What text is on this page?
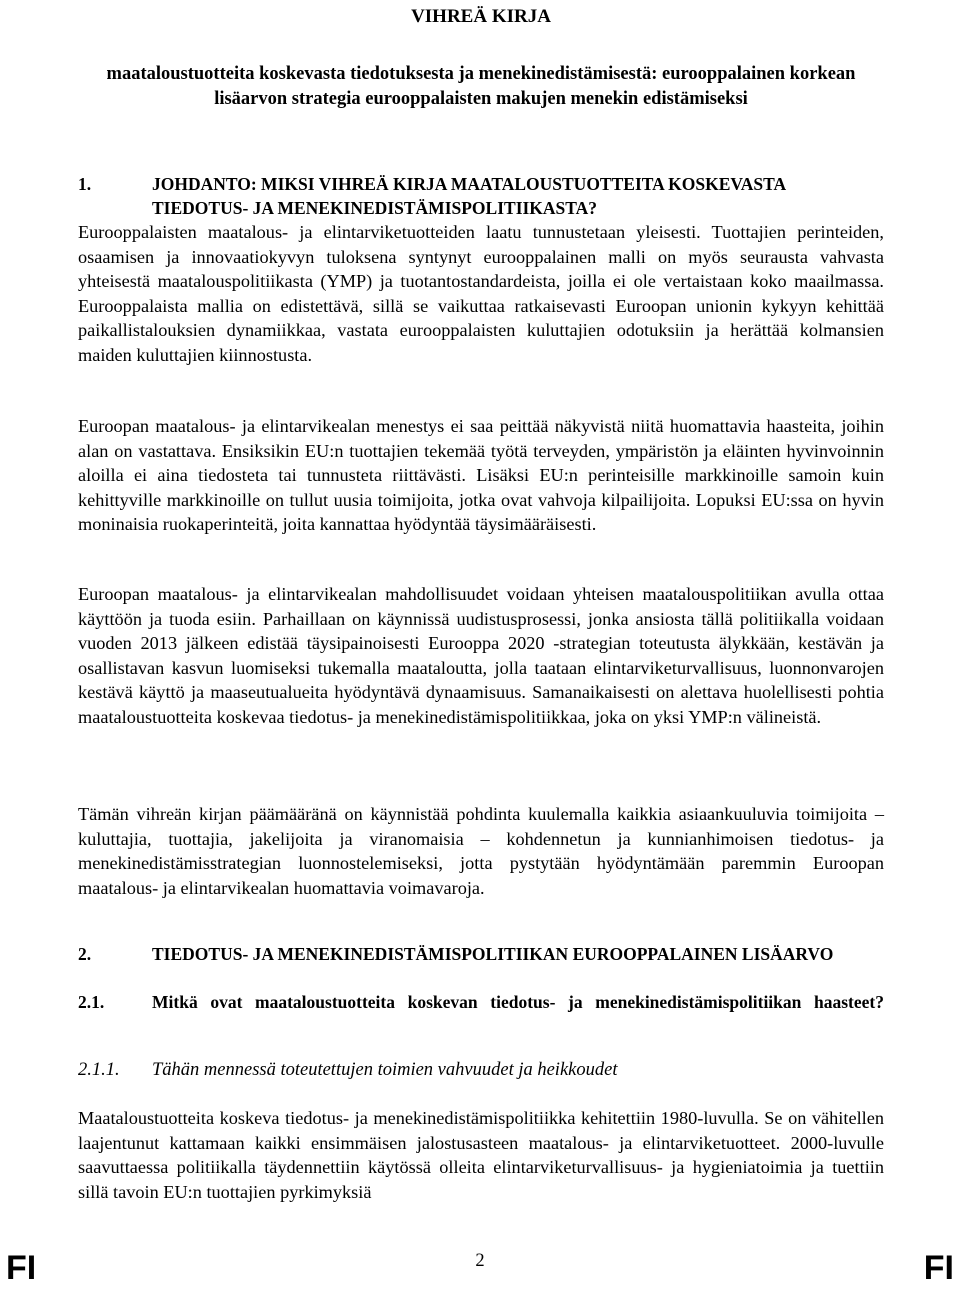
VIHREÄ KIRJA
maataloustuotteita koskevasta tiedotuksesta ja menekinedistämisestä: eurooppalainen korkean lisäarvon strategia eurooppalaisten makujen menekin edistämiseksi
1.	JOHDANTO: MIKSI VIHREÄ KIRJA MAATALOUSTUOTTEITA KOSKEVASTA TIEDOTUS- JA MENEKINEDISTÄMISPOLITIIKASTA?

Eurooppalaisten maatalous- ja elintarviketuotteiden laatu tunnustetaan yleisesti. Tuottajien perinteiden, osaamisen ja innovaatiokyvyn tuloksena syntynyt eurooppalainen malli on myös seurausta vahvasta yhteisestä maatalouspolitiikasta (YMP) ja tuotantostandardeista, joilla ei ole vertaistaan koko maailmassa. Eurooppalaista mallia on edistettävä, sillä se vaikuttaa ratkaisevasti Euroopan unionin kykyyn kehittää paikallistalouksien dynamiikkaa, vastata eurooppalaisten kuluttajien odotuksiin ja herättää kolmansien maiden kuluttajien kiinnostusta.

Euroopan maatalous- ja elintarvikealan menestys ei saa peittää näkyvistä niitä huomattavia haasteita, joihin alan on vastattava. Ensiksikin EU:n tuottajien tekemää työtä terveyden, ympäristön ja eläinten hyvinvoinnin aloilla ei aina tiedosteta tai tunnusteta riittävästi. Lisäksi EU:n perinteisille markkinoille samoin kuin kehittyville markkinoille on tullut uusia toimijoita, jotka ovat vahvoja kilpailijoita. Lopuksi EU:ssa on hyvin moninaisia ruokaperinteitä, joita kannattaa hyödyntää täysimääräisesti.

Euroopan maatalous- ja elintarvikealan mahdollisuudet voidaan yhteisen maatalouspolitiikan avulla ottaa käyttöön ja tuoda esiin. Parhaillaan on käynnissä uudistusprosessi, jonka ansiosta tällä politiikalla voidaan vuoden 2013 jälkeen edistää täysipainoisesti Eurooppa 2020 -strategian toteutusta älykkään, kestävän ja osallistavan kasvun luomiseksi tukemalla maataloutta, jolla taataan elintarviketurvallisuus, luonnonvarojen kestävä käyttö ja maaseutualueita hyödyntävä dynaamisuus. Samanaikaisesti on alettava huolellisesti pohtia maataloustuotteita koskevaa tiedotus- ja menekinedistämispolitiikkaa, joka on yksi YMP:n välineistä.

Tämän vihreän kirjan päämääränä on käynnistää pohdinta kuulemalla kaikkia asiaankuuluvia toimijoita – kuluttajia, tuottajia, jakelijoita ja viranomaisia – kohdennetun ja kunnianhimoisen tiedotus- ja menekinedistämisstrategian luonnostelemiseksi, jotta pystytään hyödyntämään paremmin Euroopan maatalous- ja elintarvikealan huomattavia voimavaroja.

2.	TIEDOTUS- JA MENEKINEDISTÄMISPOLITIIKAN EUROOPPALAINEN LISÄARVO
2.1.	Mitkä ovat maataloustuotteita koskevan tiedotus- ja menekinedistämispolitiikan haasteet?
2.1.1. Tähän mennessä toteutettujen toimien vahvuudet ja heikkoudet

Maataloustuotteita koskeva tiedotus- ja menekinedistämispolitiikka kehitettiin 1980-luvulla. Se on vähitellen laajentunut kattamaan kaikki ensimmäisen jalostusasteen maatalous- ja elintarviketuotteet. 2000-luvulle saavuttaessa politiikalla täydennettiin käytössä olleita elintarviketurvallisuus- ja hygieniatoimia ja tuettiin sillä tavoin EU:n tuottajien pyrkimyksiä

FI	2	FI
